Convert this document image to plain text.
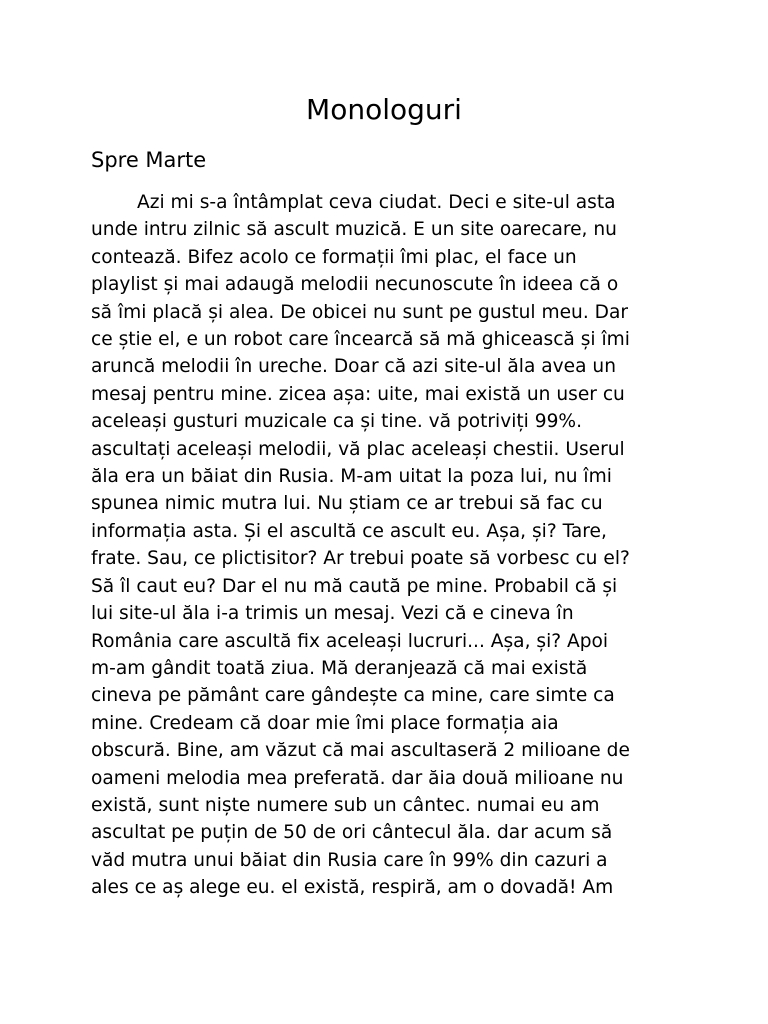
Monologuri
Spre Marte

Azi mi s-a întâmplat ceva ciudat. Deci e site-ul asta
unde intru zilnic să ascult muzică. E un site oarecare, nu
contează. Bifez acolo ce formații îmi plac, el face un
playlist și mai adaugă melodii necunoscute în ideea că o
să îmi placă și alea. De obicei nu sunt pe gustul meu. Dar
ce știe el, e un robot care încearcă să mă ghicească și îmi
aruncă melodii în ureche. Doar că azi site-ul ăla avea un
mesaj pentru mine. zicea așa: uite, mai există un user cu
aceleași gusturi muzicale ca și tine. vă potriviți 99%.
ascultați aceleași melodii, vă plac aceleași chestii. Userul
ăla era un băiat din Rusia. M-am uitat la poza lui, nu îmi
spunea nimic mutra lui. Nu știam ce ar trebui să fac cu
informația asta. Și el ascultă ce ascult eu. Așa, și? Tare,
frate. Sau, ce plictisitor? Ar trebui poate să vorbesc cu el?
Să îl caut eu? Dar el nu mă caută pe mine. Probabil că și
lui site-ul ăla i-a trimis un mesaj. Vezi că e cineva în
România care ascultă fix aceleași lucruri... Așa, și? Apoi
m-am gândit toată ziua. Mă deranjează că mai există
cineva pe pământ care gândește ca mine, care simte ca
mine. Credeam că doar mie îmi place formația aia
obscură. Bine, am văzut că mai ascultaseră 2 milioane de
oameni melodia mea preferată. dar ăia două milioane nu
există, sunt niște numere sub un cântec. numai eu am
ascultat pe puțin de 50 de ori cântecul ăla. dar acum să
văd mutra unui băiat din Rusia care în 99% din cazuri a
ales ce aș alege eu. el există, respiră, am o dovadă! Am
